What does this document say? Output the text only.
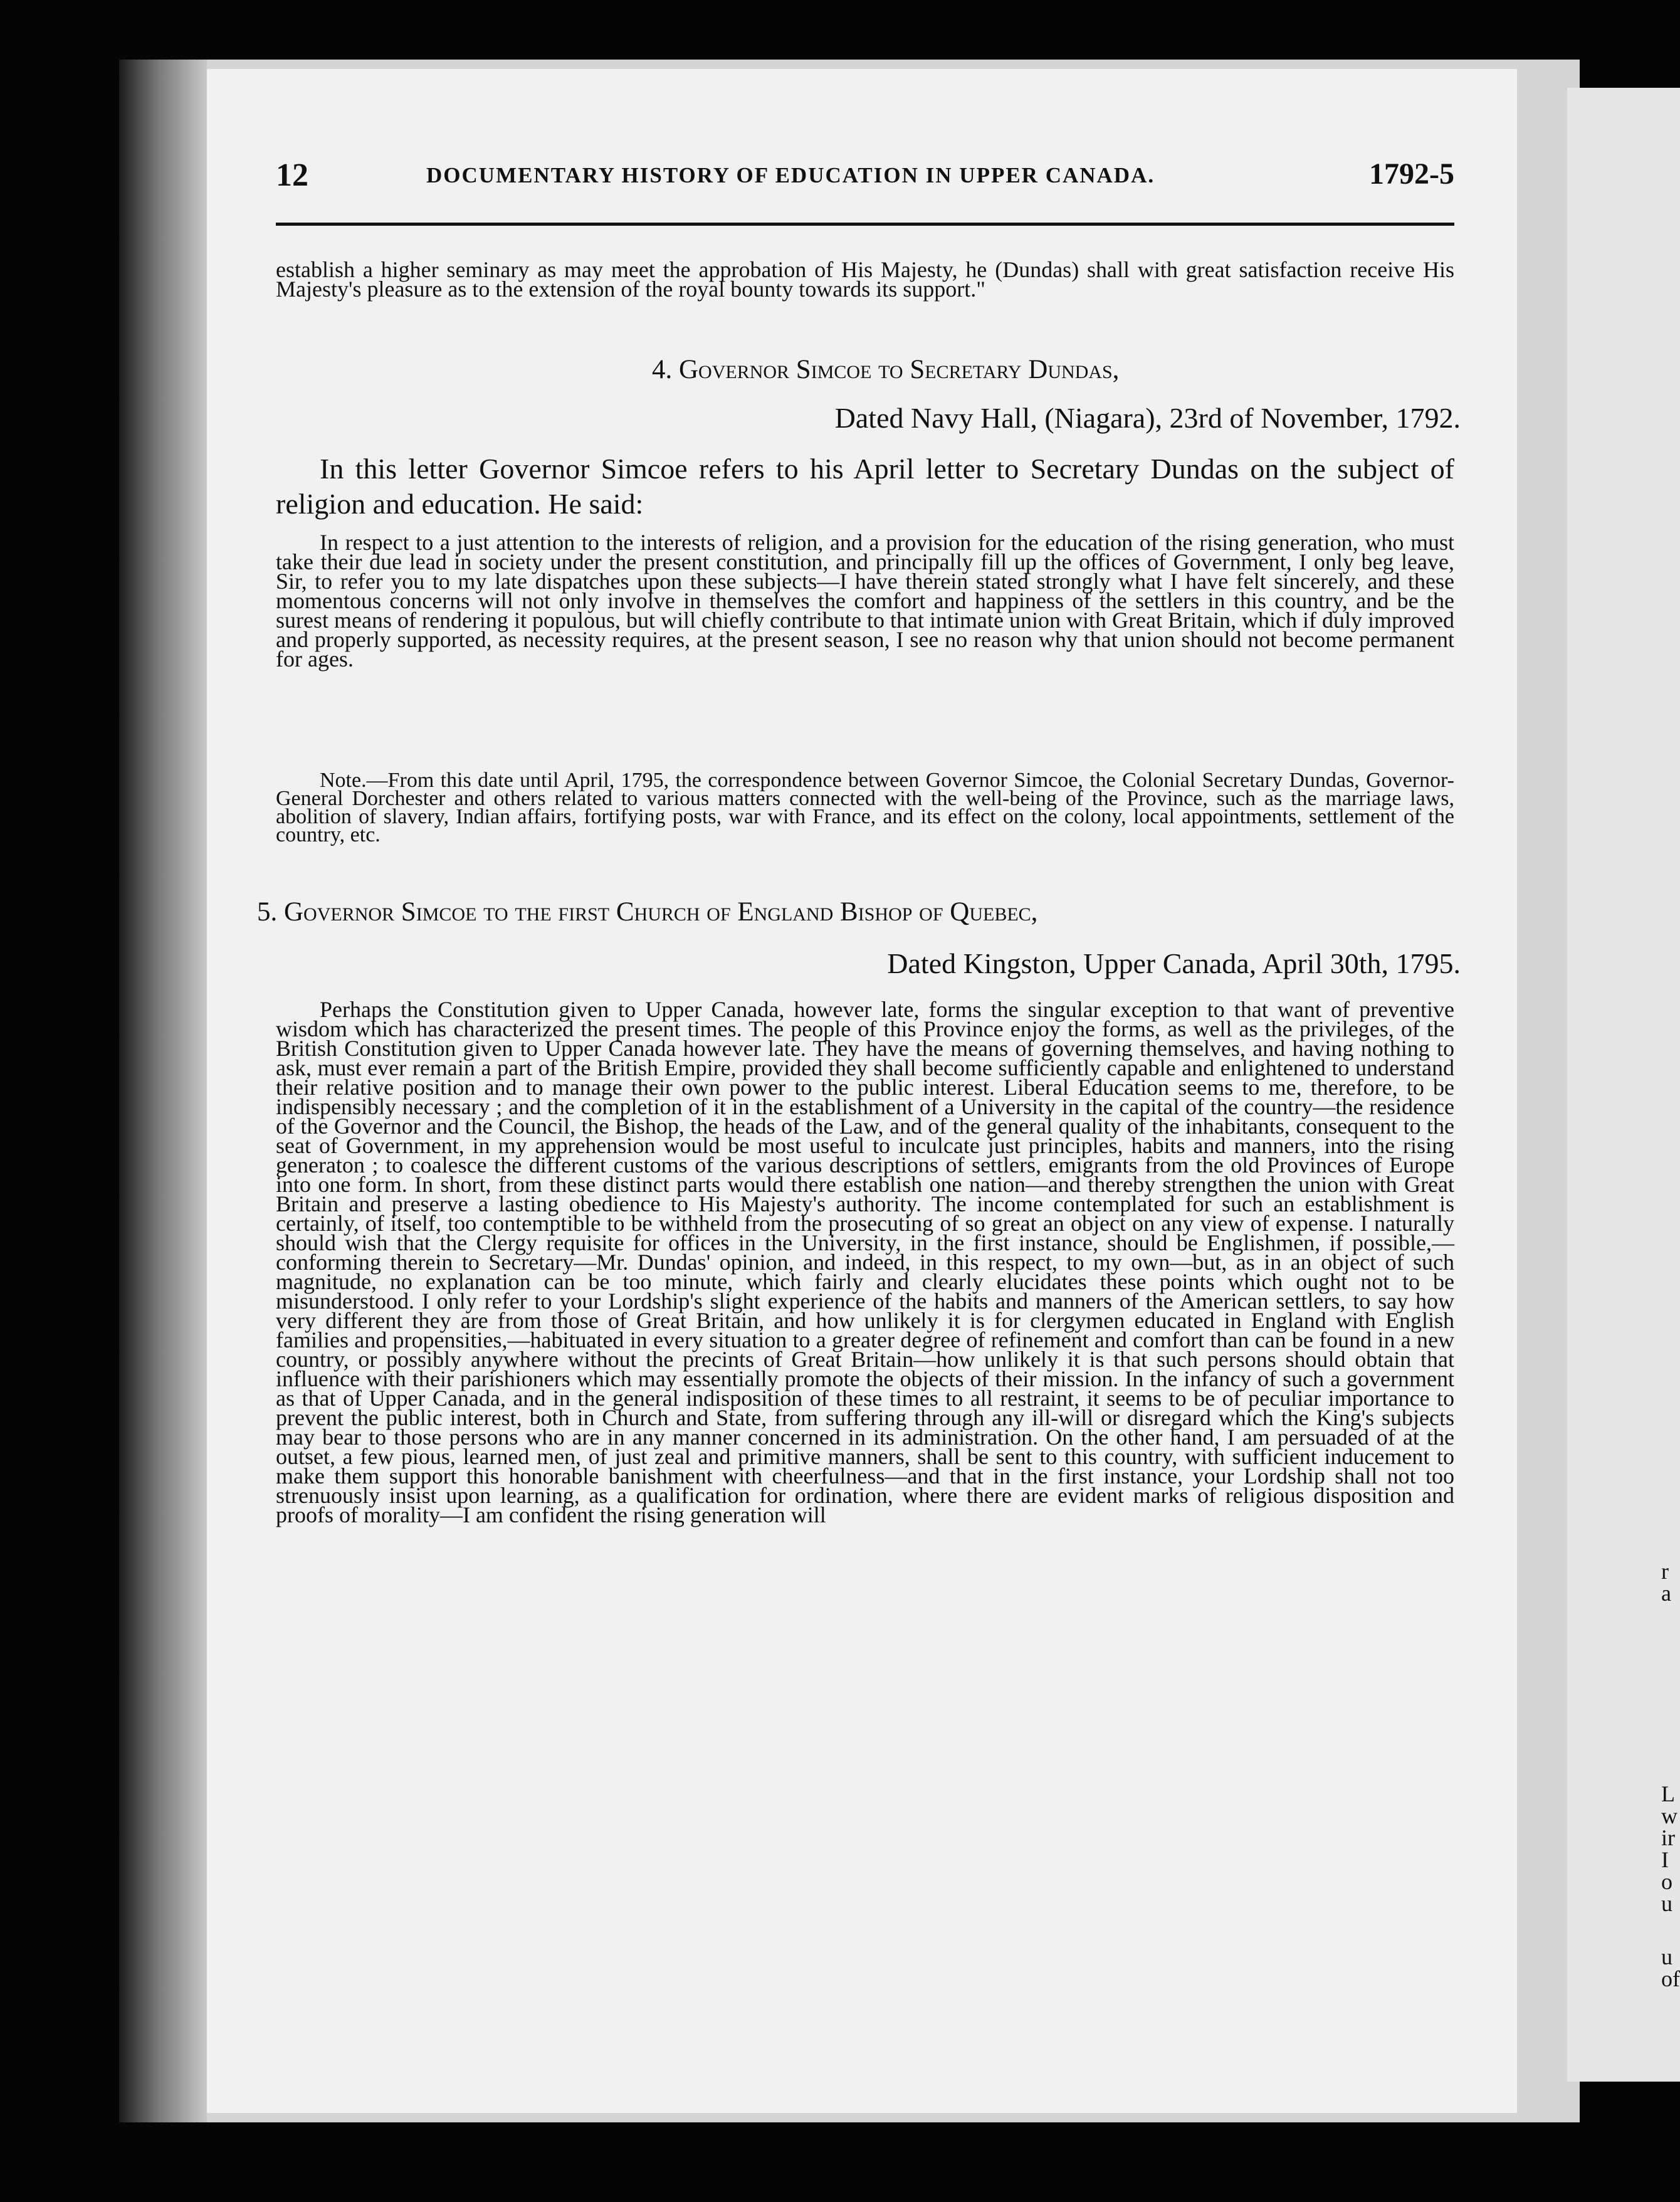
r
a
L
w
ir
I
o
u
u
of
12	DOCUMENTARY HISTORY OF EDUCATION IN UPPER CANADA.	1792-5

establish a higher seminary as may meet the approbation of His Majesty, he (Dundas) shall with great satisfaction receive His Majesty's pleasure as to the extension of the royal bounty towards its support."

4. Governor Simcoe to Secretary Dundas,
Dated Navy Hall, (Niagara), 23rd of November, 1792.

In this letter Governor Simcoe refers to his April letter to Secretary Dundas on the subject of religion and education. He said:

In respect to a just attention to the interests of religion, and a provision for the education of the rising generation, who must take their due lead in society under the present constitution, and principally fill up the offices of Government, I only beg leave, Sir, to refer you to my late dispatches upon these subjects—I have therein stated strongly what I have felt sincerely, and these momentous concerns will not only involve in themselves the comfort and happiness of the settlers in this country, and be the surest means of rendering it populous, but will chiefly contribute to that intimate union with Great Britain, which if duly improved and properly supported, as necessity requires, at the present season, I see no reason why that union should not become permanent for ages.

Note.—From this date until April, 1795, the correspondence between Governor Simcoe, the Colonial Secretary Dundas, Governor-General Dorchester and others related to various matters connected with the well-being of the Province, such as the marriage laws, abolition of slavery, Indian affairs, fortifying posts, war with France, and its effect on the colony, local appointments, settlement of the country, etc.

5. Governor Simcoe to the first Church of England Bishop of Quebec,
Dated Kingston, Upper Canada, April 30th, 1795.

Perhaps the Constitution given to Upper Canada, however late, forms the singular exception to that want of preventive wisdom which has characterized the present times. The people of this Province enjoy the forms, as well as the privileges, of the British Constitution given to Upper Canada however late. They have the means of governing themselves, and having nothing to ask, must ever remain a part of the British Empire, provided they shall become sufficiently capable and enlightened to understand their relative position and to manage their own power to the public interest. Liberal Education seems to me, therefore, to be indispensibly necessary ; and the completion of it in the establishment of a University in the capital of the country—the residence of the Governor and the Council, the Bishop, the heads of the Law, and of the general quality of the inhabitants, consequent to the seat of Government, in my apprehension would be most useful to inculcate just principles, habits and manners, into the rising generaton ; to coalesce the different customs of the various descriptions of settlers, emigrants from the old Provinces of Europe into one form. In short, from these distinct parts would there establish one nation—and thereby strengthen the union with Great Britain and preserve a lasting obedience to His Majesty's authority. The income contemplated for such an establishment is certainly, of itself, too contemptible to be withheld from the prosecuting of so great an object on any view of expense. I naturally should wish that the Clergy requisite for offices in the University, in the first instance, should be Englishmen, if possible,—conforming therein to Secretary—Mr. Dundas' opinion, and indeed, in this respect, to my own—but, as in an object of such magnitude, no explanation can be too minute, which fairly and clearly elucidates these points which ought not to be misunderstood. I only refer to your Lordship's slight experience of the habits and manners of the American settlers, to say how very different they are from those of Great Britain, and how unlikely it is for clergymen educated in England with English families and propensities,—habituated in every situation to a greater degree of refinement and comfort than can be found in a new country, or possibly anywhere without the precints of Great Britain—how unlikely it is that such persons should obtain that influence with their parishioners which may essentially promote the objects of their mission. In the infancy of such a government as that of Upper Canada, and in the general indisposition of these times to all restraint, it seems to be of peculiar importance to prevent the public interest, both in Church and State, from suffering through any ill-will or disregard which the King's subjects may bear to those persons who are in any manner concerned in its administration. On the other hand, I am persuaded of at the outset, a few pious, learned men, of just zeal and primitive manners, shall be sent to this country, with sufficient inducement to make them support this honorable banishment with cheerfulness—and that in the first instance, your Lordship shall not too strenuously insist upon learning, as a qualification for ordination, where there are evident marks of religious disposition and proofs of morality—I am confident the rising generation will
